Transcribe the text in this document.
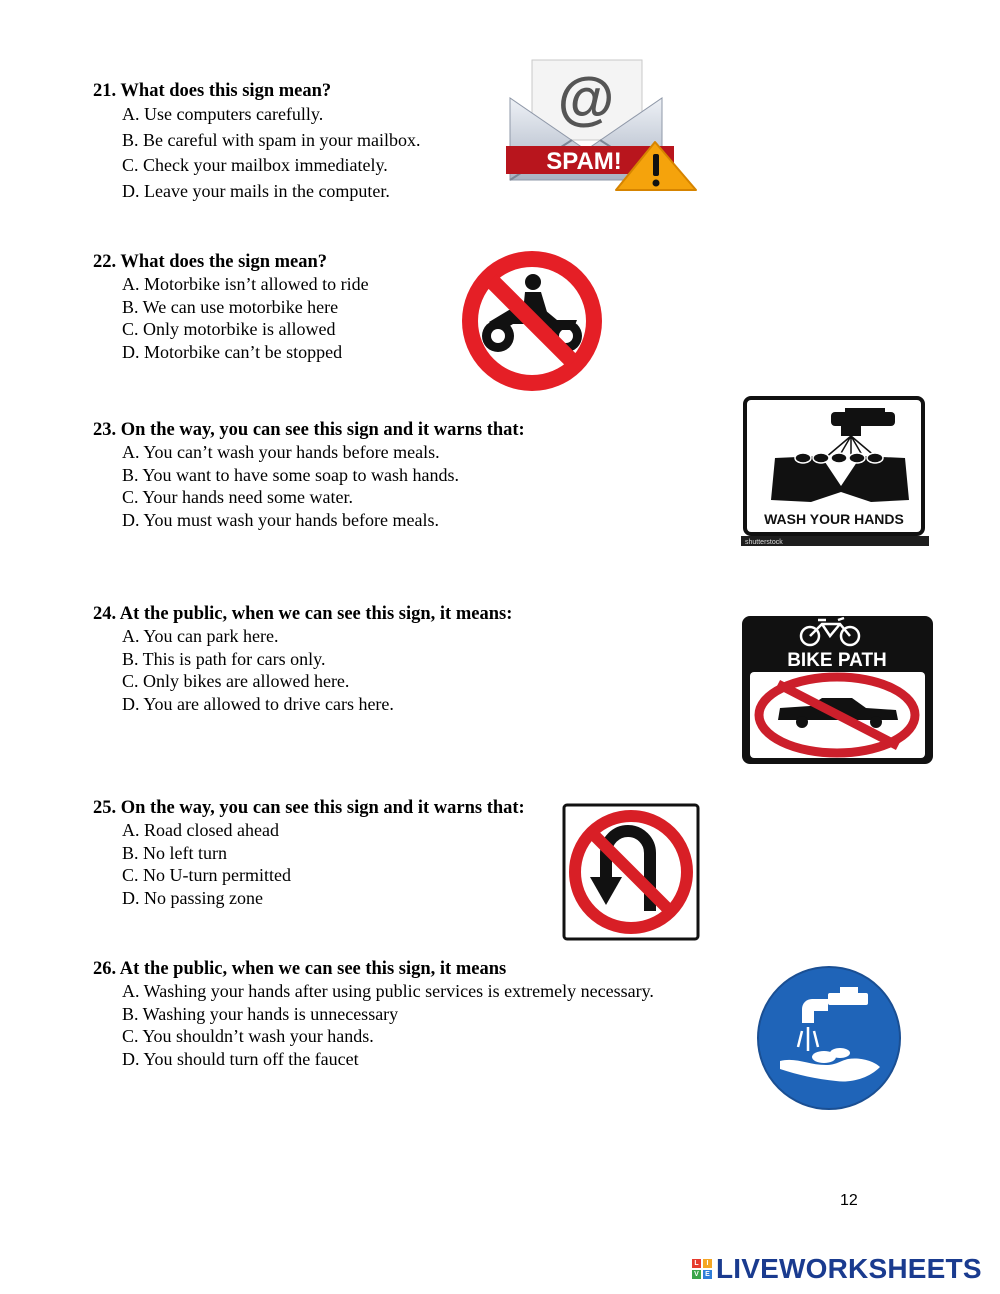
21. What does this sign mean?
A. Use computers carefully.
B. Be careful with spam in your mailbox.
C. Check your mailbox immediately.
D. Leave your mails in the computer.
@
SPAM!
22. What does the sign mean?
A. Motorbike isn’t allowed to ride
B. We can use motorbike here
C. Only motorbike is allowed
D. Motorbike can’t be stopped
23. On the way, you can see this sign and it warns that:
A. You can’t wash your hands before meals.
B. You want to have some soap to wash hands.
C. Your hands need some water.
D. You must wash your hands before meals.	WASH YOUR HANDS
shutterstock
24. At the public, when we can see this sign, it means:
A. You can park here.
B. This is path for cars only.
C. Only bikes are allowed here.
D. You are allowed to drive cars here.
BIKE PATH
25. On the way, you can see this sign and it warns that:
A. Road closed ahead
B. No left turn
C. No U-turn permitted
D. No passing zone
26. At the public, when we can see this sign, it means
A. Washing your hands after using public services is extremely necessary.
B. Washing your hands is unnecessary
C. You shouldn’t wash your hands.
D. You should turn off the faucet
12
L	I
V E LIVEWORKSHEETS
